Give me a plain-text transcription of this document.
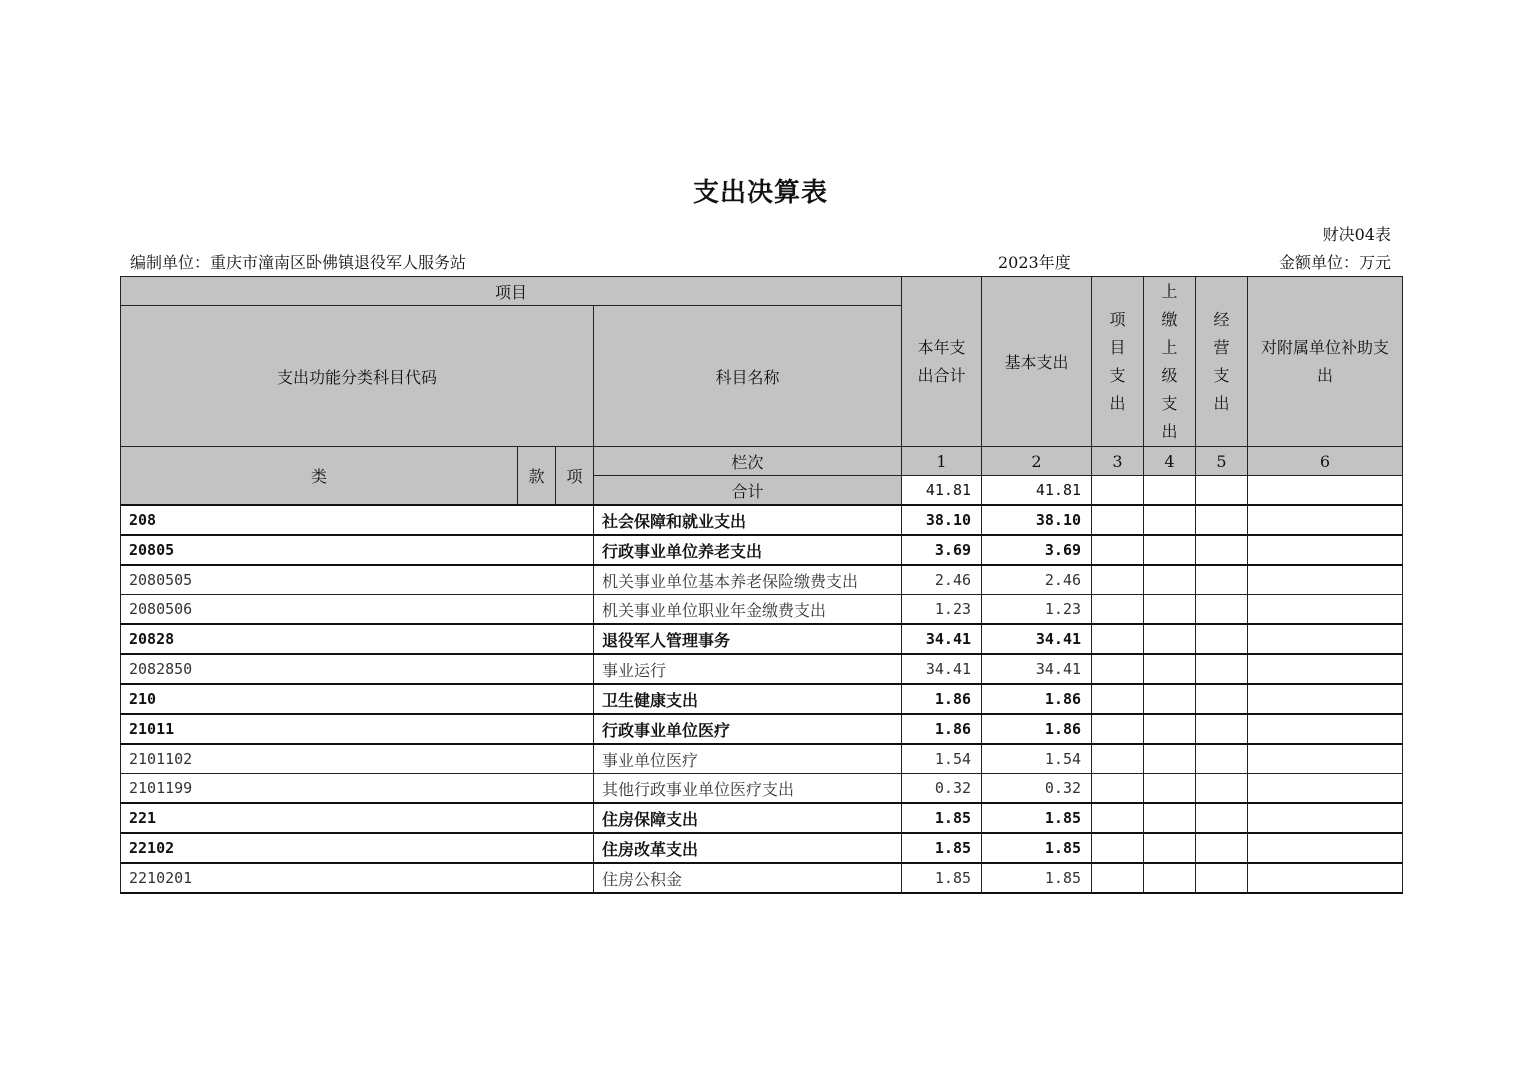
支出决算表
财决04表
编制单位：重庆市潼南区卧佛镇退役军人服务站	2023年度	金额单位：万元
项目				本年支出合计	基本支出	项目支出	上缴上级支出	经营支出	对附属单位补助支出
支出功能分类科目代码			科目名称						
类	款	项	栏次	1	2	3	4	5	6
			合计	41.81	41.81				
208			社会保障和就业支出	38.10	38.10				
20805			行政事业单位养老支出	3.69	3.69				
2080505			机关事业单位基本养老保险缴费支出	2.46	2.46				
2080506			机关事业单位职业年金缴费支出	1.23	1.23				
20828			退役军人管理事务	34.41	34.41				
2082850			事业运行	34.41	34.41				
210			卫生健康支出	1.86	1.86				
21011			行政事业单位医疗	1.86	1.86				
2101102			事业单位医疗	1.54	1.54				
2101199			其他行政事业单位医疗支出	0.32	0.32				
221			住房保障支出	1.85	1.85				
22102			住房改革支出	1.85	1.85				
2210201			住房公积金	1.85	1.85				
